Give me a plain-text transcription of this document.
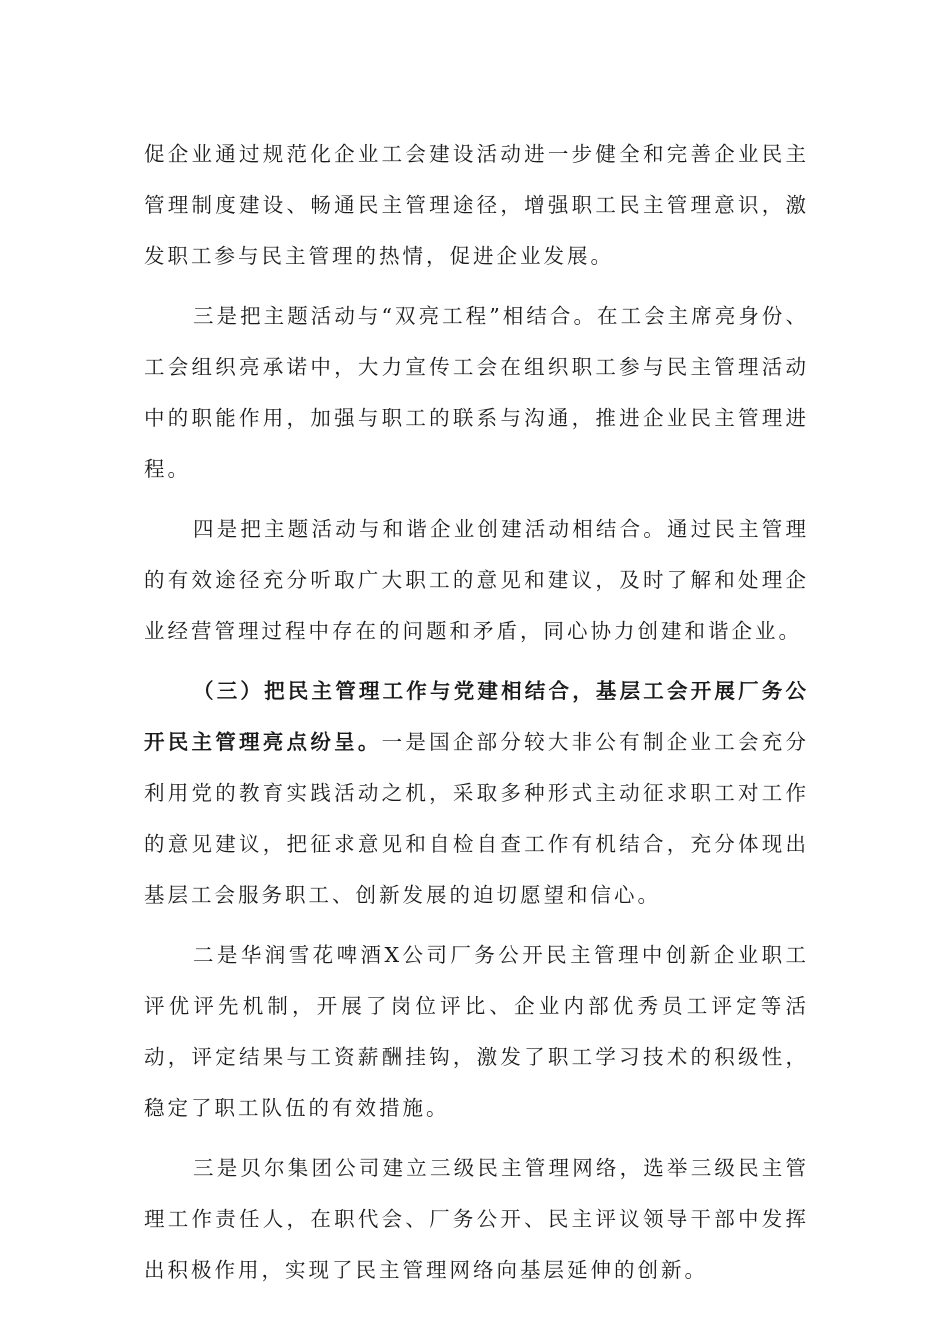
促企业通过规范化企业工会建设活动进一步健全和完善企业民主管理制度建设、畅通民主管理途径，增强职工民主管理意识，激发职工参与民主管理的热情，促进企业发展。

三是把主题活动与“双亮工程”相结合。在工会主席亮身份、工会组织亮承诺中，大力宣传工会在组织职工参与民主管理活动中的职能作用，加强与职工的联系与沟通，推进企业民主管理进程。

四是把主题活动与和谐企业创建活动相结合。通过民主管理的有效途径充分听取广大职工的意见和建议，及时了解和处理企业经营管理过程中存在的问题和矛盾，同心协力创建和谐企业。

（三）把民主管理工作与党建相结合，基层工会开展厂务公开民主管理亮点纷呈。一是国企部分较大非公有制企业工会充分利用党的教育实践活动之机，采取多种形式主动征求职工对工作的意见建议，把征求意见和自检自查工作有机结合，充分体现出基层工会服务职工、创新发展的迫切愿望和信心。

二是华润雪花啤酒X公司厂务公开民主管理中创新企业职工评优评先机制，开展了岗位评比、企业内部优秀员工评定等活动，评定结果与工资薪酬挂钩，激发了职工学习技术的积级性，稳定了职工队伍的有效措施。

三是贝尔集团公司建立三级民主管理网络，选举三级民主管理工作责任人，在职代会、厂务公开、民主评议领导干部中发挥出积极作用，实现了民主管理网络向基层延伸的创新。
